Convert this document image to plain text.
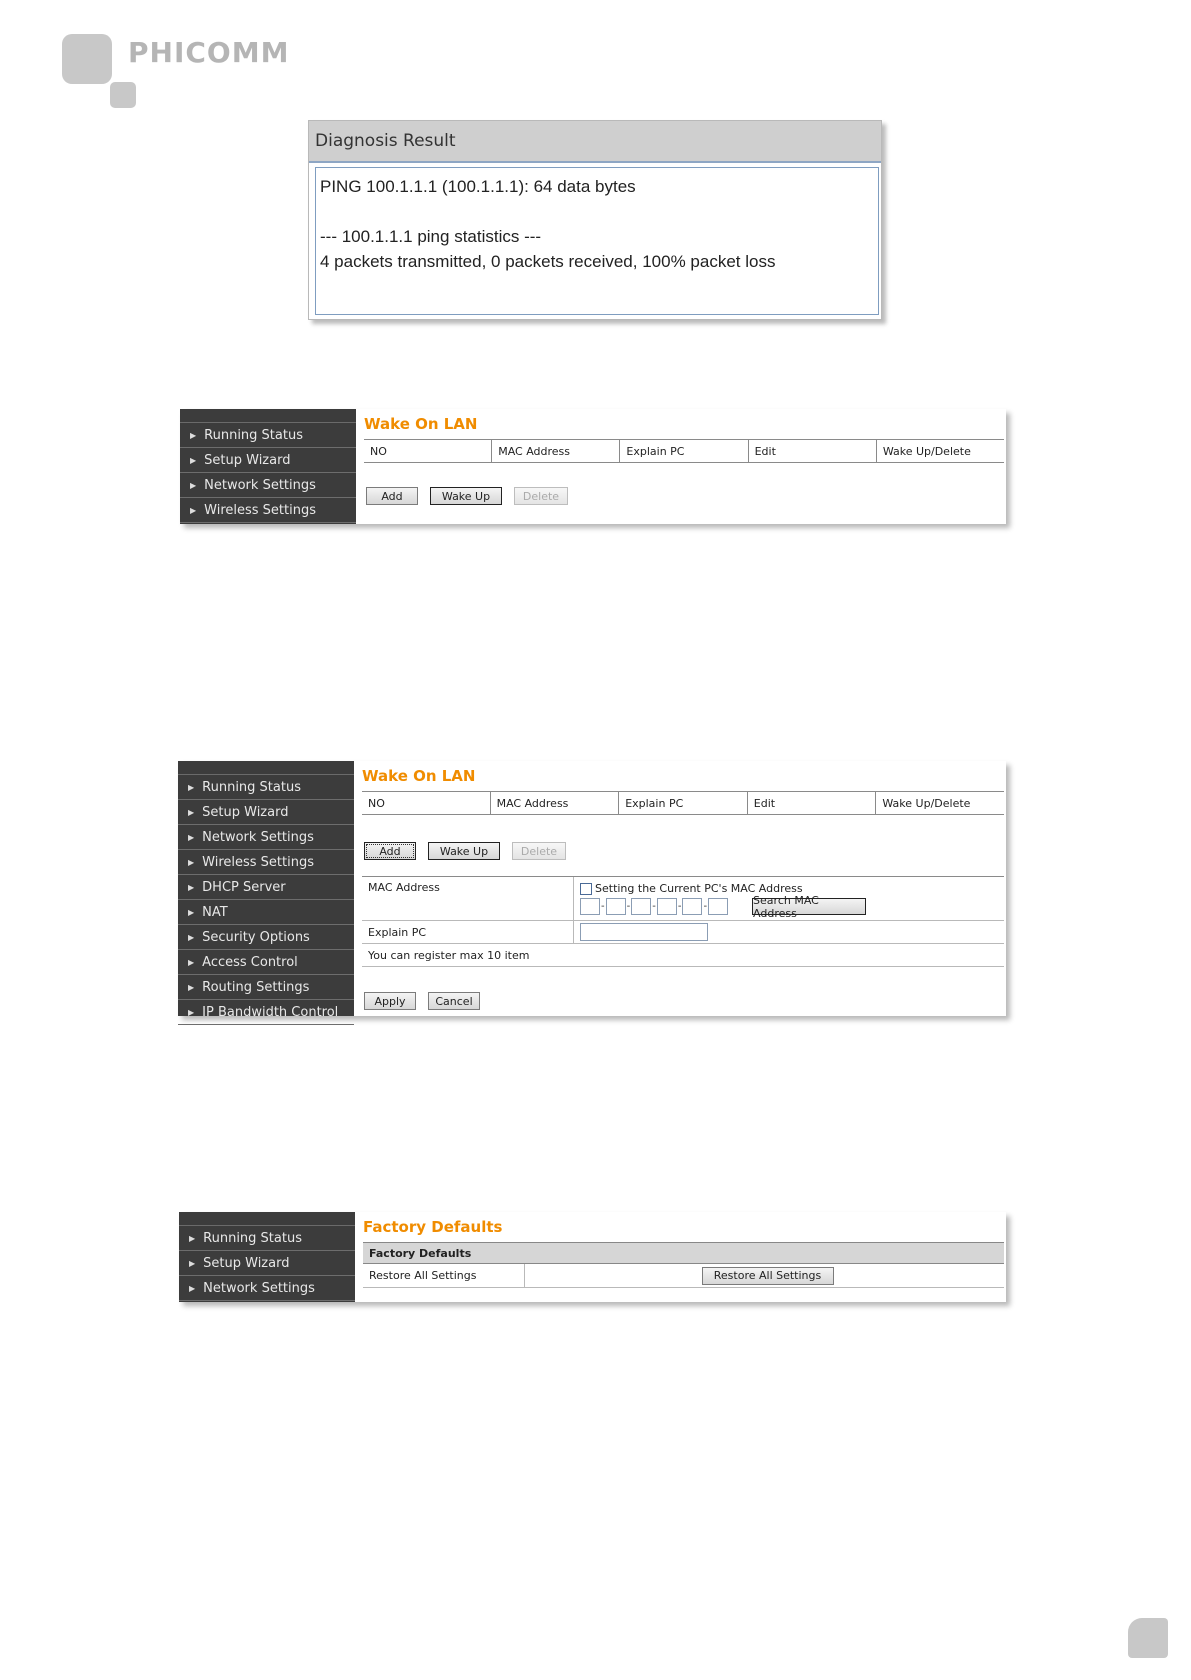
PHICOMM
Diagnosis Result
PING 100.1.1.1 (100.1.1.1): 64 data bytes
--- 100.1.1.1 ping statistics ---
4 packets transmitted, 0 packets received, 100% packet loss
▶ Running Status
▶ Setup Wizard
▶ Network Settings
▶ Wireless Settings
Wake On LAN
NO	MAC Address	Explain PC	Edit	Wake Up/Delete
Add	Wake Up	Delete
▶ Running Status
▶ Setup Wizard
▶ Network Settings
▶ Wireless Settings
▶ DHCP Server
▶ NAT
▶ Security Options
▶ Access Control
▶ Routing Settings
▶ IP Bandwidth Control
Wake On LAN
NO	MAC Address	Explain PC	Edit	Wake Up/Delete
Add	Wake Up	Delete
MAC Address	Setting the Current PC's MAC Address
- - - - -	Search MAC Address
Explain PC
You can register max 10 item
Apply	Cancel
▶ Running Status
▶ Setup Wizard
▶ Network Settings
Factory Defaults
Factory Defaults
Restore All Settings	Restore All Settings
